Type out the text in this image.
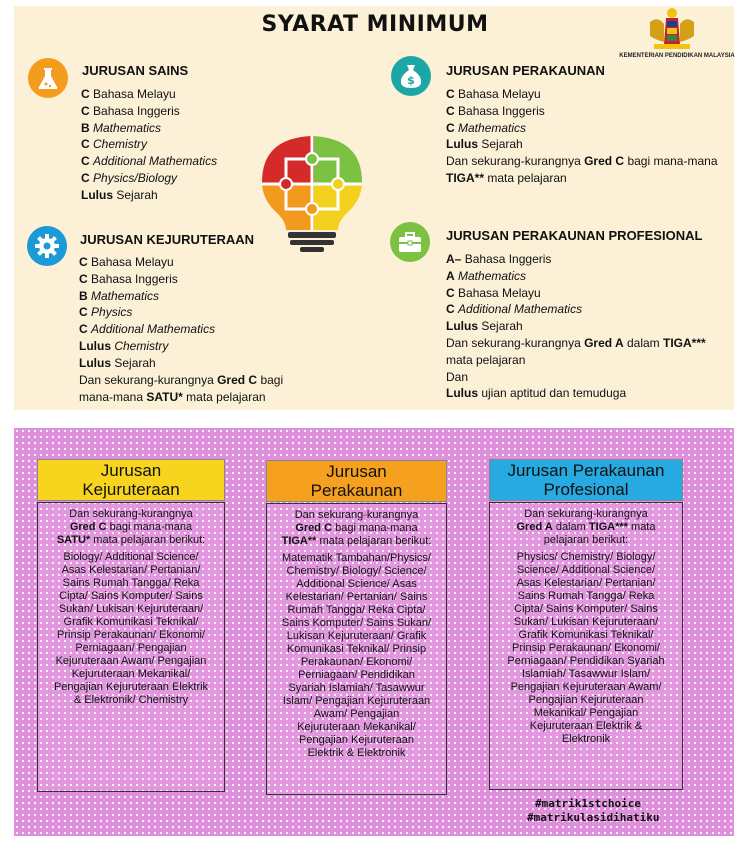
SYARAT MINIMUM
KEMENTERIAN PENDIDIKAN MALAYSIA
$
JURUSAN SAINS
C Bahasa Melayu
C Bahasa Inggeris
B Mathematics
C Chemistry
C Additional Mathematics
C Physics/Biology
Lulus Sejarah
JURUSAN PERAKAUNAN
C Bahasa Melayu
C Bahasa Inggeris
C Mathematics
Lulus Sejarah
Dan sekurang-kurangnya Gred C bagi mana-mana
TIGA** mata pelajaran
JURUSAN KEJURUTERAAN
C Bahasa Melayu
C Bahasa Inggeris
B Mathematics
C Physics
C Additional Mathematics
Lulus Chemistry
Lulus Sejarah
Dan sekurang-kurangnya Gred C bagi
mana-mana SATU* mata pelajaran
JURUSAN PERAKAUNAN PROFESIONAL
A– Bahasa Inggeris
A Mathematics
C Bahasa Melayu
C Additional Mathematics
Lulus Sejarah
Dan sekurang-kurangnya Gred A dalam TIGA***
mata pelajaran
Dan
Lulus ujian aptitud dan temuduga
Jurusan
Kejuruteraan
Dan sekurang-kurangnya
Gred C bagi mana-mana
SATU* mata pelajaran berikut:
Biology/ Additional Science/
Asas Kelestarian/ Pertanian/
Sains Rumah Tangga/ Reka
Cipta/ Sains Komputer/ Sains
Sukan/ Lukisan Kejuruteraan/
Grafik Komunikasi Teknikal/
Prinsip Perakaunan/ Ekonomi/
Perniagaan/ Pengajian
Kejuruteraan Awam/ Pengajian
Kejuruteraan Mekanikal/
Pengajian Kejuruteraan Elektrik
& Elektronik/ Chemistry
Jurusan
Perakaunan
Dan sekurang-kurangnya
Gred C bagi mana-mana
TIGA** mata pelajaran berikut:
Matematik Tambahan/Physics/
Chemistry/ Biology/ Science/
Additional Science/ Asas
Kelestarian/ Pertanian/ Sains
Rumah Tangga/ Reka Cipta/
Sains Komputer/ Sains Sukan/
Lukisan Kejuruteraan/ Grafik
Komunikasi Teknikal/ Prinsip
Perakaunan/ Ekonomi/
Perniagaan/ Pendidikan
Syariah Islamiah/ Tasawwur
Islam/ Pengajian Kejuruteraan
Awam/ Pengajian
Kejuruteraan Mekanikal/
Pengajian Kejuruteraan
Elektrik & Elektronik
Jurusan Perakaunan
Profesional
Dan sekurang-kurangnya
Gred A dalam TIGA*** mata
pelajaran berikut:
Physics/ Chemistry/ Biology/
Science/ Additional Science/
Asas Kelestarian/ Pertanian/
Sains Rumah Tangga/ Reka
Cipta/ Sains Komputer/ Sains
Sukan/ Lukisan Kejuruteraan/
Grafik Komunikasi Teknikal/
Prinsip Perakaunan/ Ekonomi/
Perniagaan/ Pendidikan Syariah
Islamiah/ Tasawwur Islam/
Pengajian Kejuruteraan Awam/
Pengajian Kejuruteraan
Mekanikal/ Pengajian
Kejuruteraan Elektrik &
Elektronik
#matrik1stchoice
#matrikulasidihatiku
